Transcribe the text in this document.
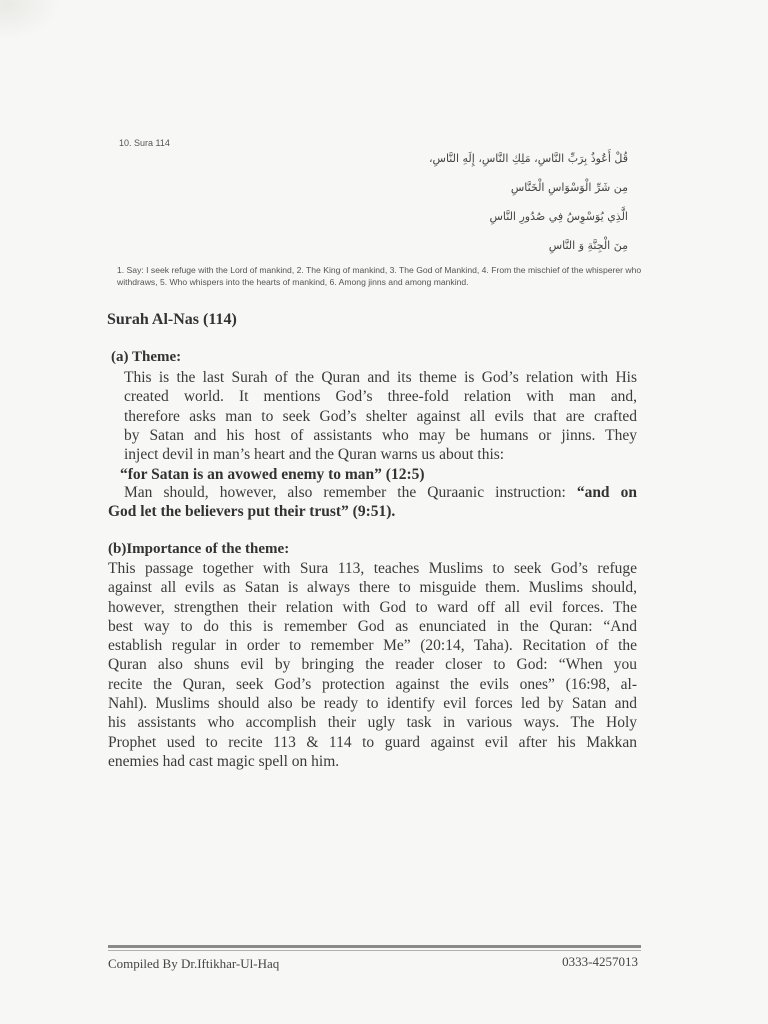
10. Sura 114
قُلْ أَعُوذُ بِرَبِّ النَّاسِ، مَلِكِ النَّاسِ، إِلَهِ النَّاسِ،
مِن شَرِّ الْوَسْوَاسِ الْخَنَّاسِ
الَّذِي يُوَسْوِسُ فِي صُدُورِ النَّاسِ
مِنَ الْجِنَّةِ وَ النَّاسِ
1. Say: I seek refuge with the Lord of mankind, 2. The King of mankind, 3. The God of Mankind, 4. From the mischief of the whisperer who withdraws, 5. Who whispers into the hearts of mankind, 6. Among jinns and among mankind.
Surah Al-Nas (114)
(a) Theme:
This is the last Surah of the Quran and its theme is God’s relation with His
created world. It mentions God’s three-fold relation with man and,
therefore asks man to seek God’s shelter against all evils that are crafted
by Satan and his host of assistants who may be humans or jinns. They
inject devil in man’s heart and the Quran warns us about this:
“for Satan is an avowed enemy to man” (12:5)
Man should, however, also remember the Quraanic instruction: “and on
God let the believers put their trust” (9:51).
(b)Importance of the theme:
This passage together with Sura 113, teaches Muslims to seek God’s refuge
against all evils as Satan is always there to misguide them. Muslims should,
however, strengthen their relation with God to ward off all evil forces. The
best way to do this is remember God as enunciated in the Quran: “And
establish regular in order to remember Me” (20:14, Taha). Recitation of the
Quran also shuns evil by bringing the reader closer to God: “When you
recite the Quran, seek God’s protection against the evils ones” (16:98, al-
Nahl). Muslims should also be ready to identify evil forces led by Satan and
his assistants who accomplish their ugly task in various ways. The Holy
Prophet used to recite 113 & 114 to guard against evil after his Makkan
enemies had cast magic spell on him.
Compiled By Dr.Iftikhar-Ul-Haq	0333-4257013
